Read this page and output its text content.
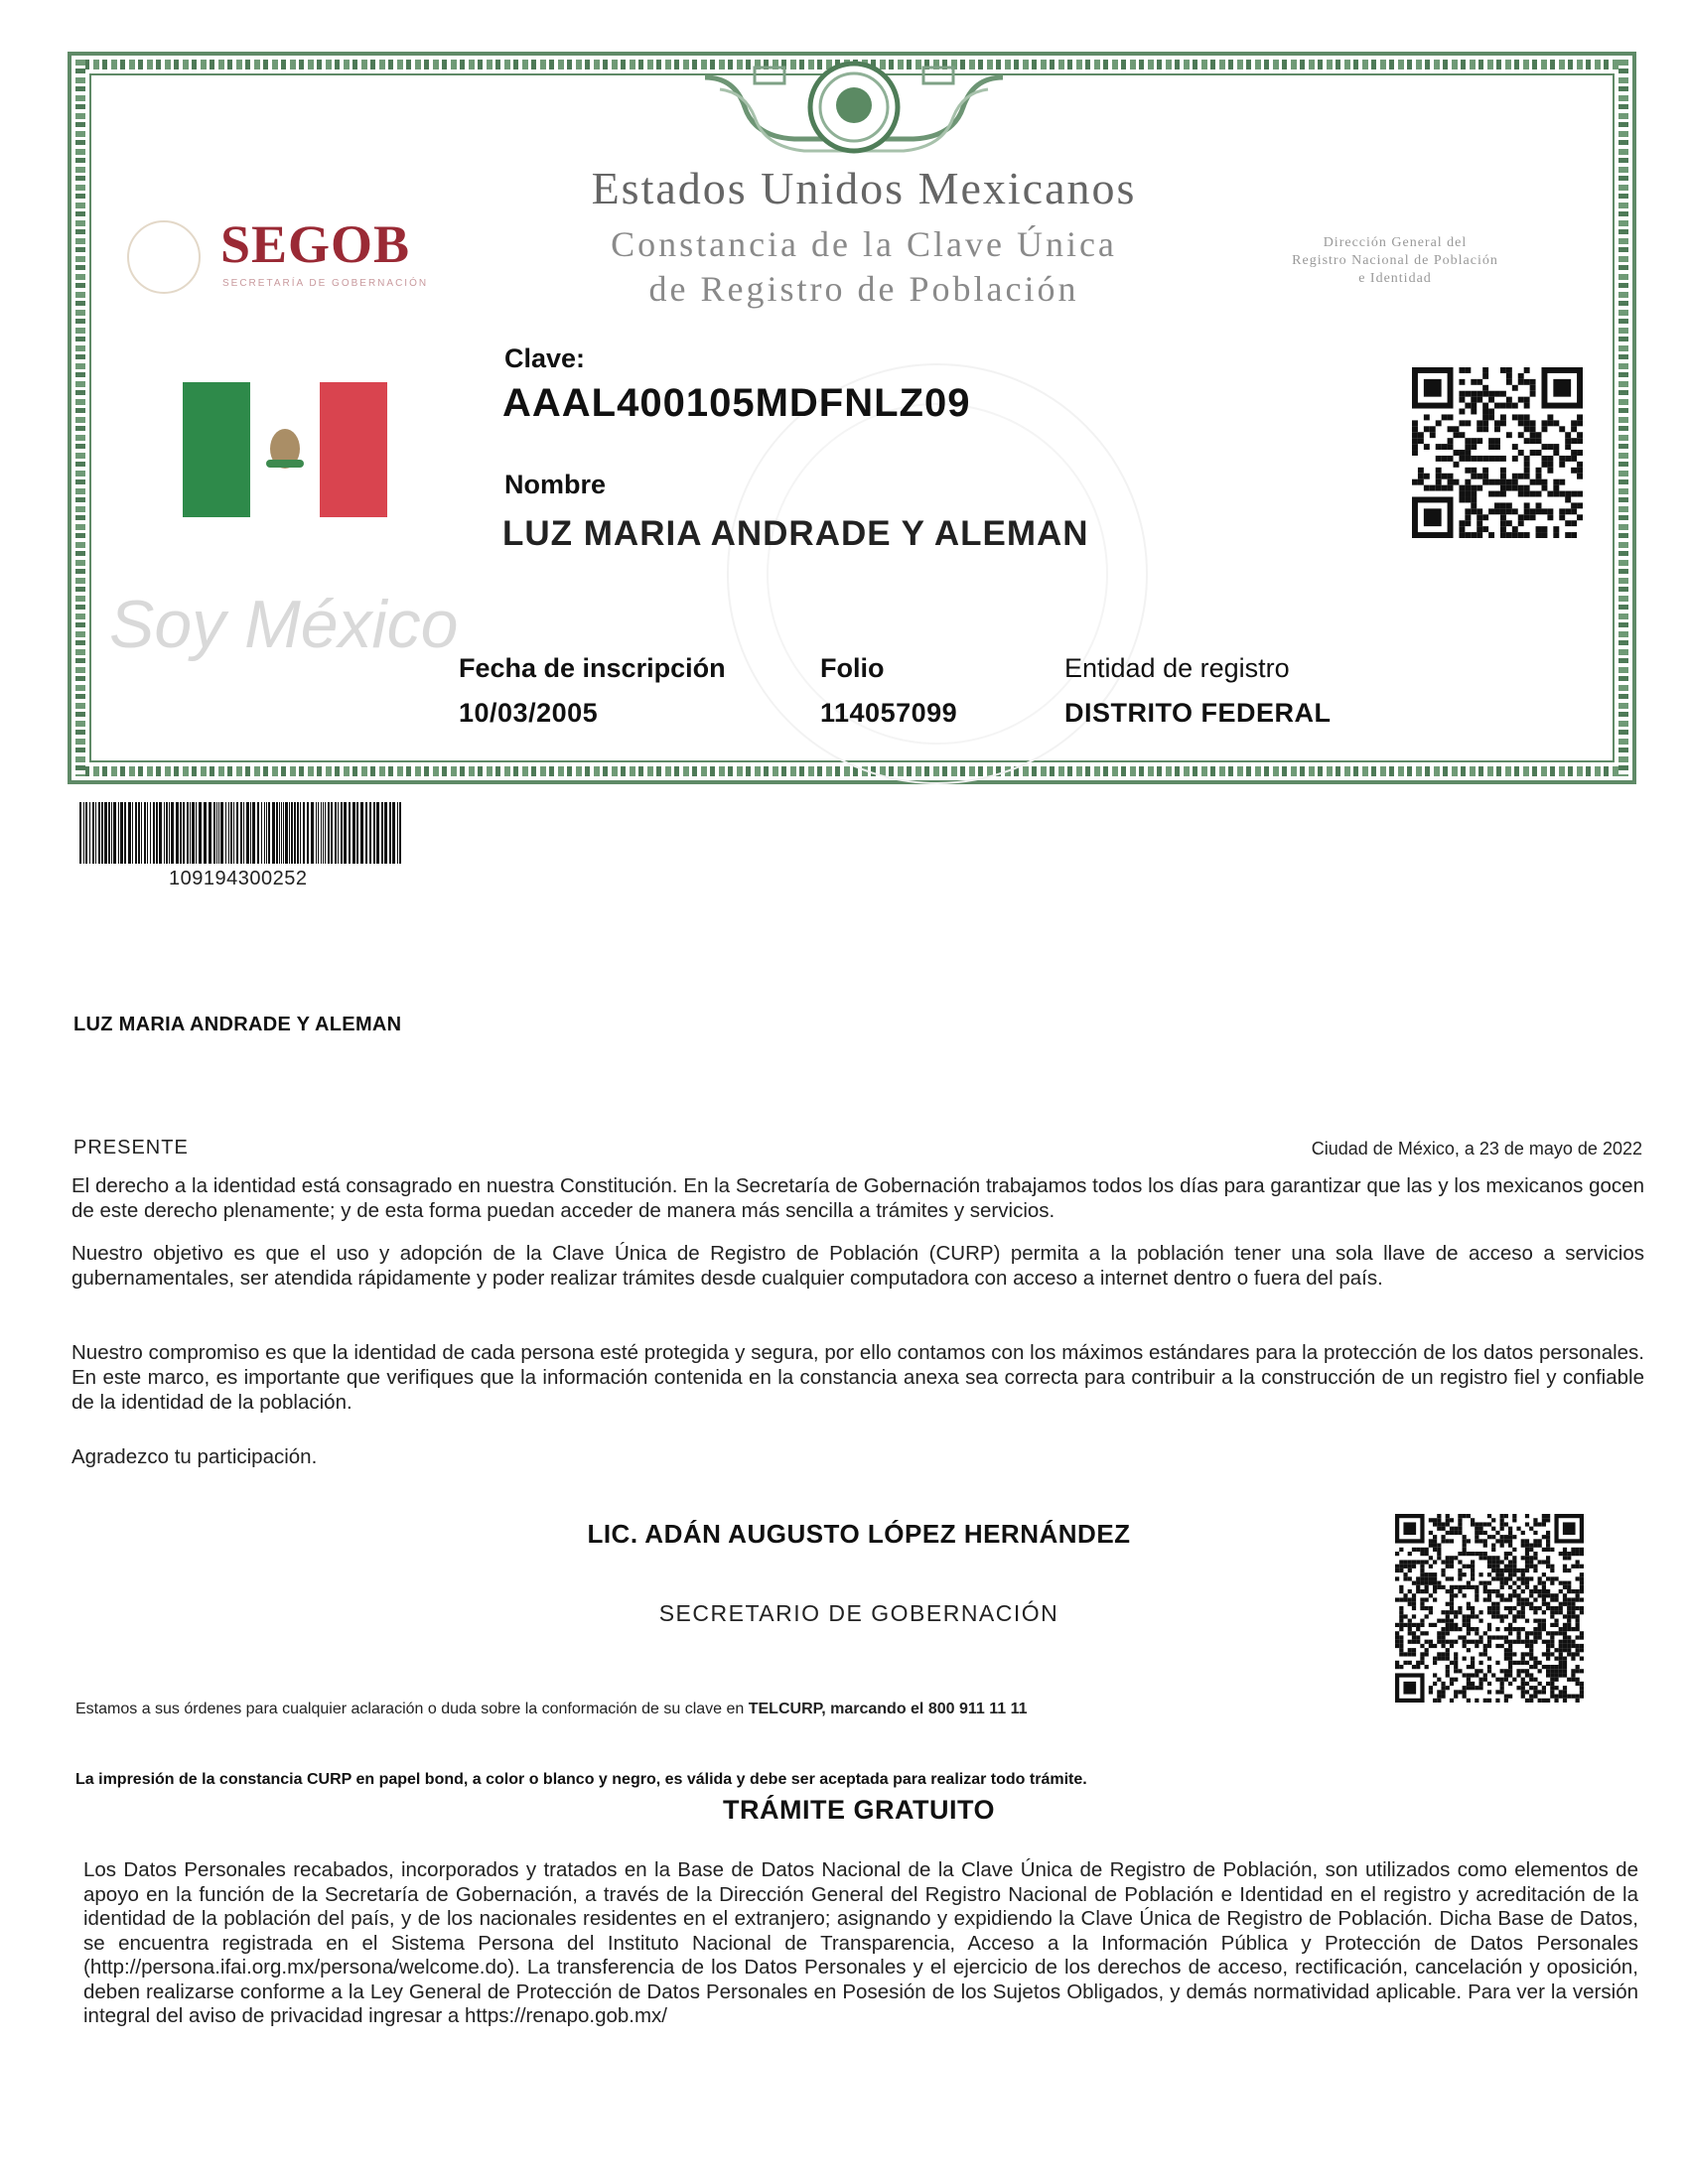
Estados Unidos Mexicanos
Constancia de la Clave Única
de Registro de Población
SEGOB
SECRETARÍA DE GOBERNACIÓN
Dirección General del
Registro Nacional de Población
e Identidad
Clave:
AAAL400105MDFNLZ09
Nombre
LUZ MARIA ANDRADE Y ALEMAN
Soy México
Fecha de inscripción
10/03/2005
Folio
114057099
Entidad de registro
DISTRITO FEDERAL
109194300252
LUZ MARIA ANDRADE Y ALEMAN
PRESENTE	Ciudad de México, a 23 de mayo de 2022
El derecho a la identidad está consagrado en nuestra Constitución. En la Secretaría de Gobernación trabajamos todos los días para garantizar que las y los mexicanos gocen de este derecho plenamente; y de esta forma puedan acceder de manera más sencilla a trámites y servicios.
Nuestro objetivo es que el uso y adopción de la Clave Única de Registro de Población (CURP) permita a la población tener una sola llave de acceso a servicios gubernamentales, ser atendida rápidamente y poder realizar trámites desde cualquier computadora con acceso a internet dentro o fuera del país.
Nuestro compromiso es que la identidad de cada persona esté protegida y segura, por ello contamos con los máximos estándares para la protección de los datos personales. En este marco, es importante que verifiques que la información contenida en la constancia anexa sea correcta para contribuir a la construcción de un registro fiel y confiable de la identidad de la población.
Agradezco tu participación.
LIC. ADÁN AUGUSTO LÓPEZ HERNÁNDEZ
SECRETARIO DE GOBERNACIÓN
Estamos a sus órdenes para cualquier aclaración o duda sobre la conformación de su clave en TELCURP, marcando el 800 911 11 11
La impresión de la constancia CURP en papel bond, a color o blanco y negro, es válida y debe ser aceptada para realizar todo trámite.
TRÁMITE GRATUITO
Los Datos Personales recabados, incorporados y tratados en la Base de Datos Nacional de la Clave Única de Registro de Población, son utilizados como elementos de apoyo en la función de la Secretaría de Gobernación, a través de la Dirección General del Registro Nacional de Población e Identidad en el registro y acreditación de la identidad de la población del país, y de los nacionales residentes en el extranjero; asignando y expidiendo la Clave Única de Registro de Población. Dicha Base de Datos, se encuentra registrada en el Sistema Persona del Instituto Nacional de Transparencia, Acceso a la Información Pública y Protección de Datos Personales (http://persona.ifai.org.mx/persona/welcome.do). La transferencia de los Datos Personales y el ejercicio de los derechos de acceso, rectificación, cancelación y oposición, deben realizarse conforme a la Ley General de Protección de Datos Personales en Posesión de los Sujetos Obligados, y demás normatividad aplicable. Para ver la versión integral del aviso de privacidad ingresar a https://renapo.gob.mx/
